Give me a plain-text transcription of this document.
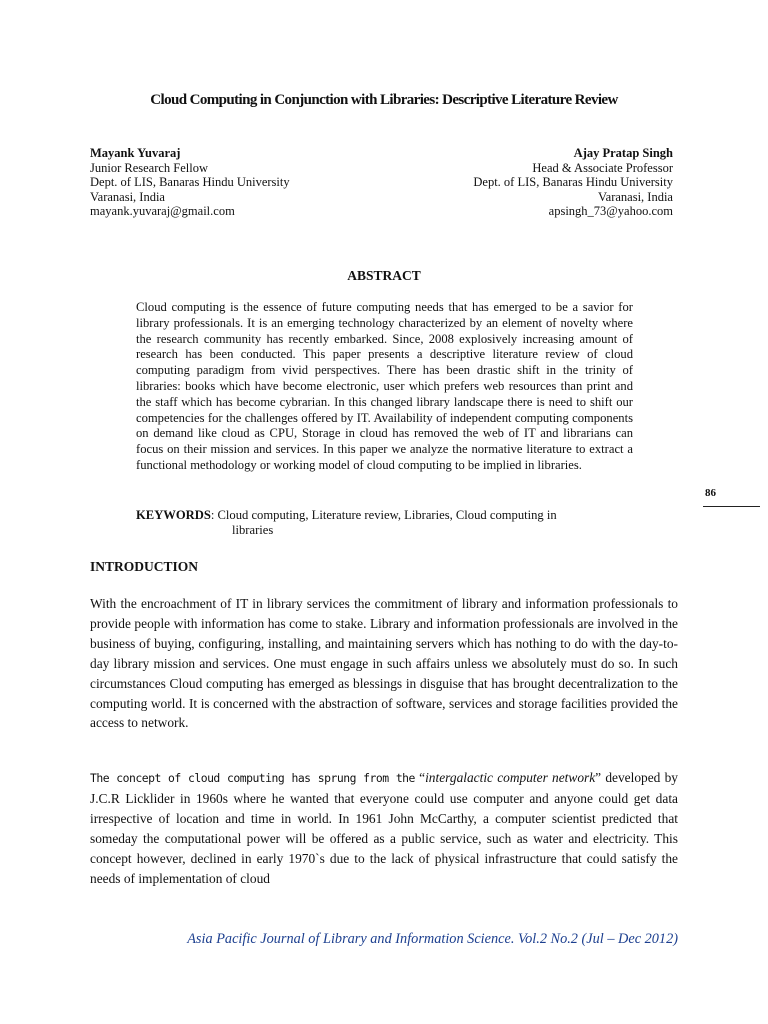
Cloud Computing in Conjunction with Libraries: Descriptive Literature Review
Mayank Yuvaraj
Junior Research Fellow
Dept. of LIS, Banaras Hindu University
Varanasi, India
mayank.yuvaraj@gmail.com
Ajay Pratap Singh
Head & Associate Professor
Dept. of LIS, Banaras Hindu University
Varanasi, India
apsingh_73@yahoo.com
ABSTRACT
Cloud computing is the essence of future computing needs that has emerged to be a savior for library professionals. It is an emerging technology characterized by an element of novelty where the research community has recently embarked. Since, 2008 explosively increasing amount of research has been conducted. This paper presents a descriptive literature review of cloud computing paradigm from vivid perspectives. There has been drastic shift in the trinity of libraries: books which have become electronic, user which prefers web resources than print and the staff which has become cybrarian. In this changed library landscape there is need to shift our competencies for the challenges offered by IT. Availability of independent computing components on demand like cloud as CPU, Storage in cloud has removed the web of IT and librarians can focus on their mission and services. In this paper we analyze the normative literature to extract a functional methodology or working model of cloud computing to be implied in libraries.
KEYWORDS: Cloud computing, Literature review, Libraries, Cloud computing in
libraries
86
INTRODUCTION
With the encroachment of IT in library services the commitment of library and information professionals to provide people with information has come to stake. Library and information professionals are involved in the business of buying, configuring, installing, and maintaining servers which has nothing to do with the day-to-day library mission and services. One must engage in such affairs unless we absolutely must do so. In such circumstances Cloud computing has emerged as blessings in disguise that has brought decentralization to the computing world. It is concerned with the abstraction of software, services and storage facilities provided the access to network.
The concept of cloud computing has sprung from the “intergalactic computer network” developed by J.C.R Licklider in 1960s where he wanted that everyone could use computer and anyone could get data irrespective of location and time in world. In 1961 John McCarthy, a computer scientist predicted that someday the computational power will be offered as a public service, such as water and electricity. This concept however, declined in early 1970`s due to the lack of physical infrastructure that could satisfy the needs of implementation of cloud
Asia Pacific Journal of Library and Information Science. Vol.2 No.2 (Jul – Dec 2012)
